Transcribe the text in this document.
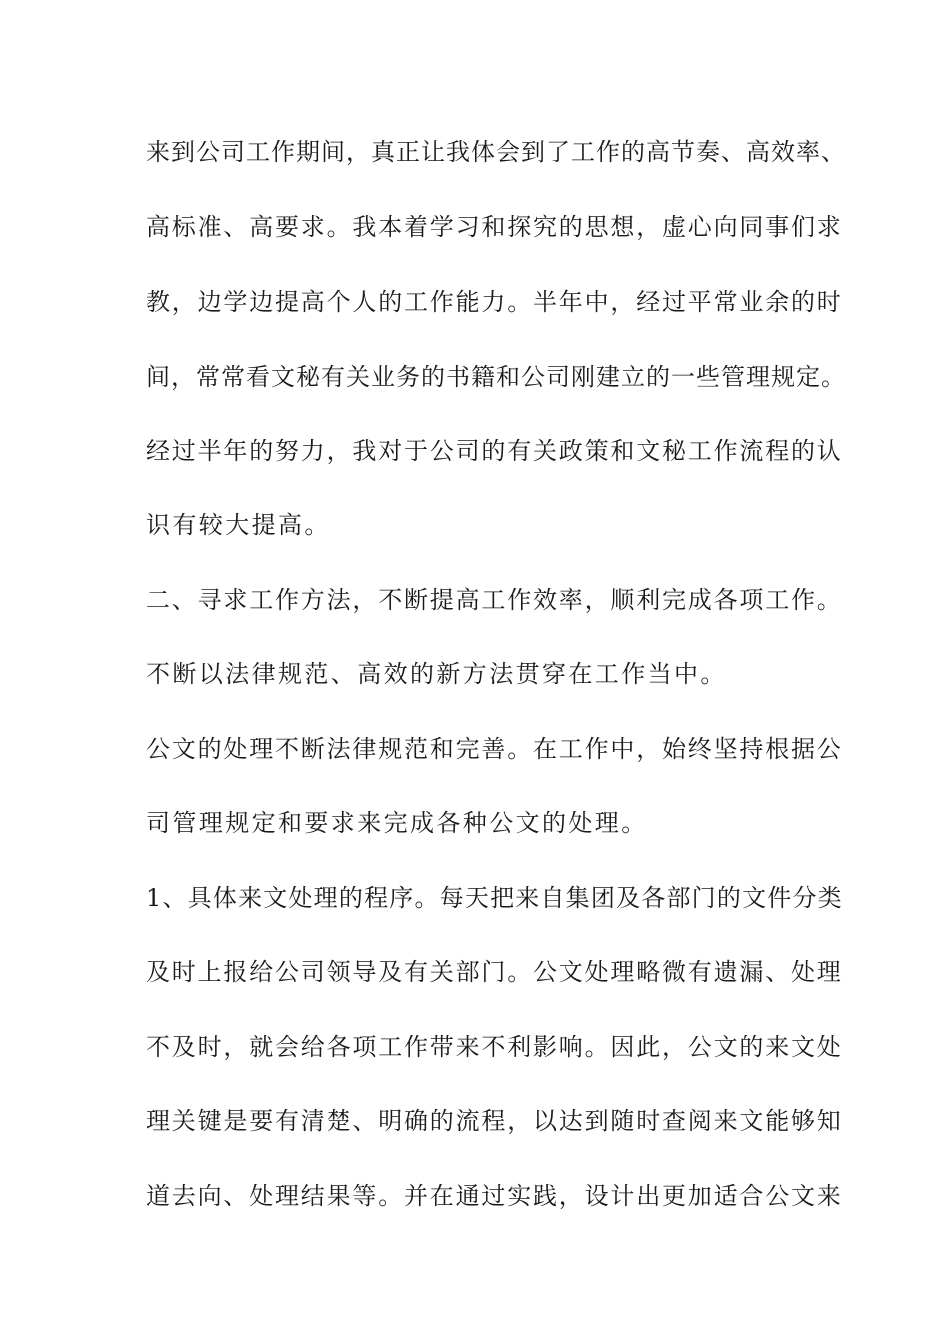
来到公司工作期间，真正让我体会到了工作的高节奏、高效率、
高标准、高要求。我本着学习和探究的思想，虚心向同事们求
教，边学边提高个人的工作能力。半年中，经过平常业余的时
间，常常看文秘有关业务的书籍和公司刚建立的一些管理规定。
经过半年的努力，我对于公司的有关政策和文秘工作流程的认
识有较大提高。
二、寻求工作方法，不断提高工作效率，顺利完成各项工作。
不断以法律规范、高效的新方法贯穿在工作当中。
公文的处理不断法律规范和完善。在工作中，始终坚持根据公
司管理规定和要求来完成各种公文的处理。
1、具体来文处理的程序。每天把来自集团及各部门的文件分类
及时上报给公司领导及有关部门。公文处理略微有遗漏、处理
不及时，就会给各项工作带来不利影响。因此，公文的来文处
理关键是要有清楚、明确的流程，以达到随时查阅来文能够知
道去向、处理结果等。并在通过实践，设计出更加适合公文来
